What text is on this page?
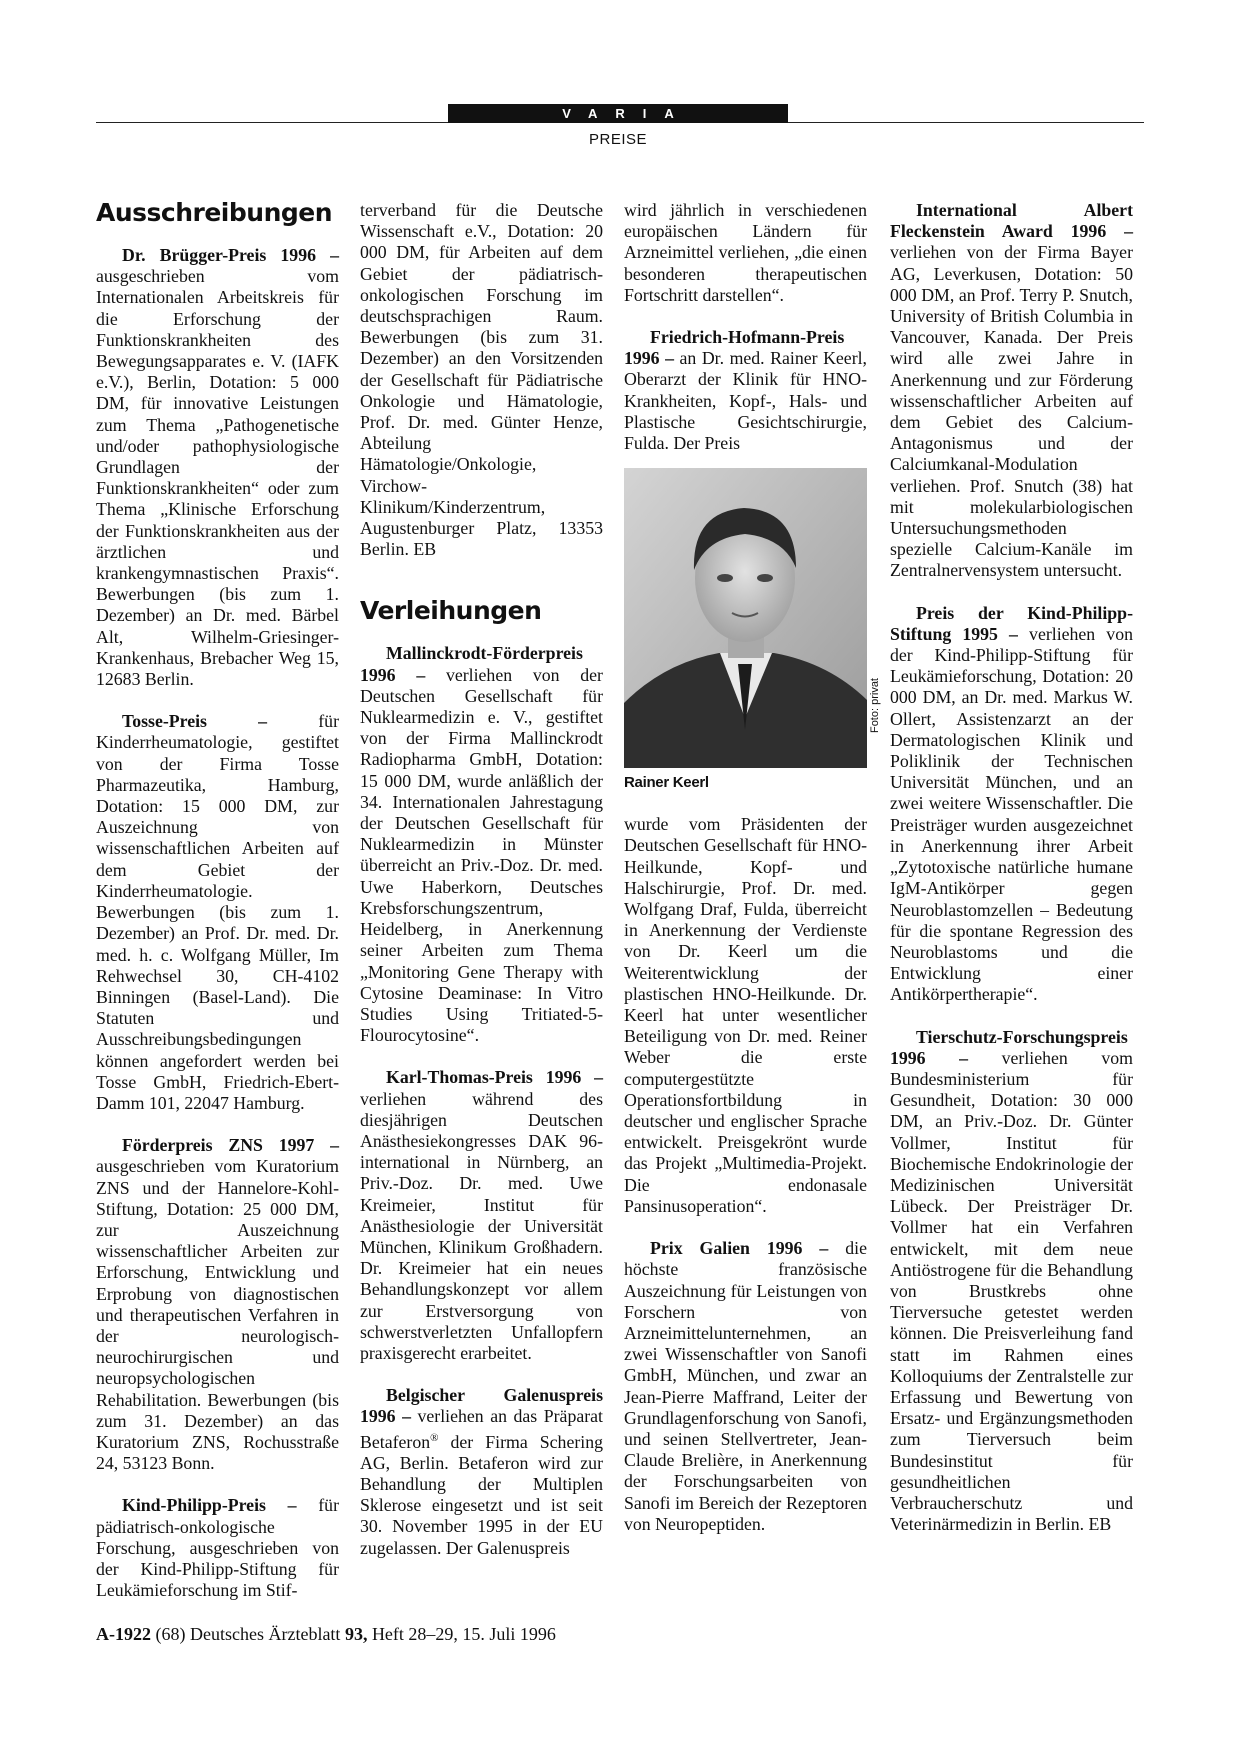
VARIA
PREISE
Ausschreibungen

Dr. Brügger-Preis 1996 – ausgeschrieben vom Internationalen Arbeitskreis für die Erforschung der Funktionskrankheiten des Bewegungsapparates e. V. (IAFK e.V.), Berlin, Dotation: 5 000 DM, für innovative Leistungen zum Thema „Pathogenetische und/oder pathophysiologische Grundlagen der Funktionskrankheiten“ oder zum Thema „Klinische Erforschung der Funktionskrankheiten aus der ärztlichen und krankengymnastischen Praxis“. Bewerbungen (bis zum 1. Dezember) an Dr. med. Bärbel Alt, Wilhelm-Griesinger-Krankenhaus, Brebacher Weg 15, 12683 Berlin.

Tosse-Preis –	für Kinderrheumatologie, gestiftet von der Firma Tosse Pharmazeutika, Hamburg, Dotation: 15 000 DM, zur Auszeichnung von wissenschaftlichen Arbeiten auf dem Gebiet der Kinderrheumatologie. Bewerbungen (bis zum 1. Dezember) an Prof. Dr. med. Dr. med. h. c. Wolfgang Müller, Im Rehwechsel 30, CH-4102 Binningen (Basel-Land). Die Statuten und Ausschreibungsbedingungen können angefordert werden bei Tosse GmbH, Friedrich-Ebert-Damm 101, 22047 Hamburg.

Förderpreis ZNS 1997 – ausgeschrieben vom Kuratorium ZNS und der Hannelore-Kohl-Stiftung, Dotation: 25 000 DM, zur Auszeichnung wissenschaftlicher Arbeiten zur Erforschung, Entwicklung und Erprobung von diagnostischen und therapeutischen Verfahren in der neurologisch-neurochirurgischen und neuropsychologischen Rehabilitation. Bewerbungen (bis zum 31. Dezember) an das Kuratorium ZNS, Rochusstraße 24, 53123 Bonn.

Kind-Philipp-Preis – für pädiatrisch-onkologische Forschung, ausgeschrieben von der Kind-Philipp-Stiftung für Leukämieforschung im Stif-

terverband für die Deutsche Wissenschaft e.V., Dotation: 20 000 DM, für Arbeiten auf dem Gebiet der pädiatrisch-onkologischen Forschung im deutschsprachigen Raum. Bewerbungen (bis zum 31. Dezember) an den Vorsitzenden der Gesellschaft für Pädiatrische Onkologie und Hämatologie, Prof. Dr. med. Günter Henze, Abteilung Hämatologie/Onkologie, Virchow-Klinikum/Kinderzentrum, Augustenburger Platz, 13353 Berlin. EB

Verleihungen

Mallinckrodt-Förderpreis 1996 – verliehen von der Deutschen Gesellschaft für Nuklearmedizin e. V., gestiftet von der Firma Mallinckrodt Radiopharma GmbH, Dotation: 15 000 DM, wurde anläßlich der 34. Internationalen Jahrestagung der Deutschen Gesellschaft für Nuklearmedizin in Münster überreicht an Priv.-Doz. Dr. med. Uwe Haberkorn, Deutsches Krebsforschungszentrum, Heidelberg, in Anerkennung seiner Arbeiten zum Thema „Monitoring Gene Therapy with Cytosine Deaminase: In Vitro Studies Using Tritiated-5-Flourocytosine“.

Karl-Thomas-Preis 1996 – verliehen während des diesjährigen Deutschen Anästhesiekongresses DAK 96-international in Nürnberg, an Priv.-Doz. Dr. med. Uwe Kreimeier, Institut für Anästhesiologie der Universität München, Klinikum Großhadern. Dr. Kreimeier hat ein neues Behandlungskonzept vor allem zur Erstversorgung von schwerstverletzten Unfallopfern praxisgerecht erarbeitet.

Belgischer Galenuspreis 1996 – verliehen an das Präparat Betaferon® der Firma Schering AG, Berlin. Betaferon wird zur Behandlung der Multiplen Sklerose eingesetzt und ist seit 30. November 1995 in der EU zugelassen. Der Galenuspreis

wird jährlich in verschiedenen europäischen Ländern für Arzneimittel verliehen, „die einen besonderen therapeutischen Fortschritt darstellen“.

Friedrich-Hofmann-Preis 1996 – an Dr. med. Rainer Keerl, Oberarzt der Klinik für HNO-Krankheiten, Kopf-, Hals- und Plastische Gesichtschirurgie, Fulda. Der Preis

Foto: privat
Rainer Keerl

wurde vom Präsidenten der Deutschen Gesellschaft für HNO-Heilkunde, Kopf- und Halschirurgie, Prof. Dr. med. Wolfgang Draf, Fulda, überreicht in Anerkennung der Verdienste von Dr. Keerl um die Weiterentwicklung der plastischen HNO-Heilkunde. Dr. Keerl hat unter wesentlicher Beteiligung von Dr. med. Reiner Weber die erste computergestützte Operationsfortbildung in deutscher und englischer Sprache entwickelt. Preisgekrönt wurde das Projekt „Multimedia-Projekt. Die endonasale Pansinusoperation“.

Prix Galien 1996 – die höchste französische Auszeichnung für Leistungen von Forschern von Arzneimittelunternehmen, an zwei Wissenschaftler von Sanofi GmbH, München, und zwar an Jean-Pierre Maffrand, Leiter der Grundlagenforschung von Sanofi, und seinen Stellvertreter, Jean-Claude Brelière, in Anerkennung der Forschungsarbeiten von Sanofi im Bereich der Rezeptoren von Neuropeptiden.

International Albert Fleckenstein Award 1996 – verliehen von der Firma Bayer AG, Leverkusen, Dotation: 50 000 DM, an Prof. Terry P. Snutch, University of British Columbia in Vancouver, Kanada. Der Preis wird alle zwei Jahre in Anerkennung und zur Förderung wissenschaftlicher Arbeiten auf dem Gebiet des Calcium-Antagonismus und der Calciumkanal-Modulation verliehen. Prof. Snutch (38) hat mit molekularbiologischen Untersuchungsmethoden spezielle Calcium-Kanäle im Zentralnervensystem untersucht.

Preis der Kind-Philipp-Stiftung 1995 – verliehen von der Kind-Philipp-Stiftung für Leukämieforschung, Dotation: 20 000 DM, an Dr. med. Markus W. Ollert, Assistenzarzt an der Dermatologischen Klinik und Poliklinik der Technischen Universität München, und an zwei weitere Wissenschaftler. Die Preisträger wurden ausgezeichnet in Anerkennung ihrer Arbeit „Zytotoxische natürliche humane IgM-Antikörper gegen Neuroblastomzellen – Bedeutung für die spontane Regression des Neuroblastoms und die Entwicklung einer Antikörpertherapie“.

Tierschutz-Forschungspreis 1996 – verliehen vom Bundesministerium für Gesundheit, Dotation: 30 000 DM, an Priv.-Doz. Dr. Günter Vollmer, Institut für Biochemische Endokrinologie der Medizinischen Universität Lübeck. Der Preisträger Dr. Vollmer hat ein Verfahren entwickelt, mit dem neue Antiöstrogene für die Behandlung von Brustkrebs ohne Tierversuche getestet werden können. Die Preisverleihung fand statt im Rahmen eines Kolloquiums der Zentralstelle zur Erfassung und Bewertung von Ersatz- und Ergänzungsmethoden zum Tierversuch beim Bundesinstitut für gesundheitlichen Verbraucherschutz und Veterinärmedizin in Berlin. EB

A-1922 (68) Deutsches Ärzteblatt 93, Heft 28–29, 15. Juli 1996
